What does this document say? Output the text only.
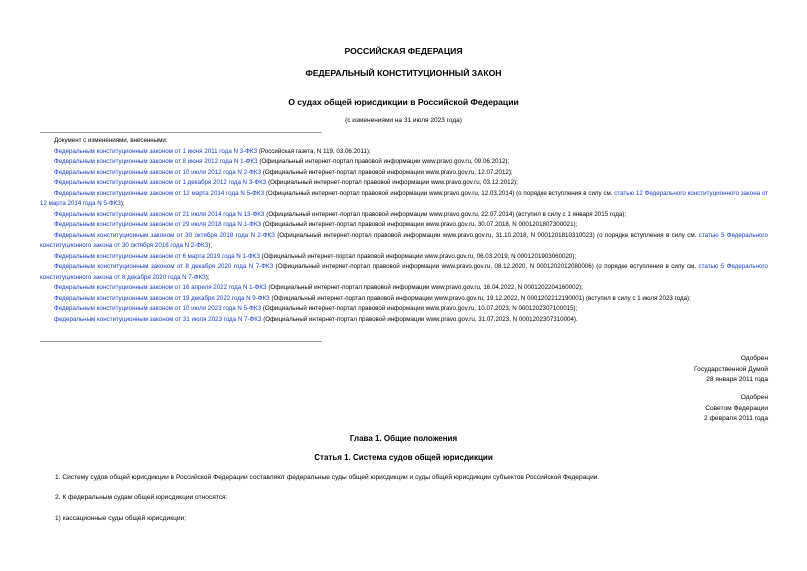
РОССИЙСКАЯ ФЕДЕРАЦИЯ
ФЕДЕРАЛЬНЫЙ КОНСТИТУЦИОННЫЙ ЗАКОН
О судах общей юрисдикции в Российской Федерации
(с изменениями на 31 июля 2023 года)

Документ с изменениями, внесенными:

Федеральным конституционным законом от 1 июня 2011 года N 3-ФКЗ (Российская газета, N 119, 03.06.2011);

Федеральным конституционным законом от 8 июня 2012 года N 1-ФКЗ (Официальный интернет-портал правовой информации www.pravo.gov.ru, 09.06.2012);

Федеральным конституционным законом от 10 июля 2012 года N 2-ФКЗ (Официальный интернет-портал правовой информации www.pravo.gov.ru, 12.07.2012);

Федеральным конституционным законом от 1 декабря 2012 года N 3-ФКЗ (Официальный интернет-портал правовой информации www.pravo.gov.ru, 03.12.2012);

Федеральным конституционным законом от 12 марта 2014 года N 5-ФКЗ (Официальный интернет-портал правовой информации www.pravo.gov.ru, 12.03.2014) (о порядке вступления в силу см. статью 12 Федерального конституционного закона от 12 марта 2014 года N 5-ФКЗ);

Федеральным конституционным законом от 21 июля 2014 года N 13-ФКЗ (Официальный интернет-портал правовой информации www.pravo.gov.ru, 22.07.2014) (вступил в силу с 1 января 2015 года);

Федеральным конституционным законом от 29 июля 2018 года N 1-ФКЗ (Официальный интернет-портал правовой информации www.pravo.gov.ru, 30.07.2018, N 0001201807300021);

Федеральным конституционным законом от 30 октября 2018 года N 2-ФКЗ (Официальный интернет-портал правовой информации www.pravo.gov.ru, 31.10.2018, N 0001201810310023) (о порядке вступления в силу см. статью 5 Федерального конституционного закона от 30 октября 2018 года N 2-ФКЗ);

Федеральным конституционным законом от 6 марта 2019 года N 1-ФКЗ (Официальный интернет-портал правовой информации www.pravo.gov.ru, 06.03.2019, N 0001201903060020);

Федеральным конституционным законом от 8 декабря 2020 года N 7-ФКЗ (Официальный интернет-портал правовой информации www.pravo.gov.ru, 08.12.2020, N 0001202012080006) (о порядке вступления в силу см. статью 5 Федерального конституционного закона от 8 декабря 2020 года N 7-ФКЗ);

Федеральным конституционным законом от 16 апреля 2022 года N 1-ФКЗ (Официальный интернет-портал правовой информации www.pravo.gov.ru, 16.04.2022, N 0001202204160002);

Федеральным конституционным законом от 19 декабря 2022 года N 9-ФКЗ (Официальный интернет-портал правовой информации www.pravo.gov.ru, 19.12.2022, N 0001202212190001) (вступил в силу с 1 июля 2023 года);

Федеральным конституционным законом от 10 июля 2023 года N 5-ФКЗ (Официальный интернет-портал правовой информации www.pravo.gov.ru, 10.07.2023, N 0001202307100015);

федеральным конституционным законом от 31 июля 2023 года N 7-ФКЗ (Официальный интернет-портал правовой информации www.pravo.gov.ru, 31.07.2023, N 0001202307310004).

Одобрен
Государственной Думой
28 января 2011 года
Одобрен
Советом Федерации
2 февраля 2011 года
Глава 1. Общие положения
Статья 1. Система судов общей юрисдикции
1. Систему судов общей юрисдикции в Российской Федерации составляют федеральные суды общей юрисдикции и суды общей юрисдикции субъектов Российской Федерации.
2. К федеральным судам общей юрисдикции относятся:
1) кассационные суды общей юрисдикции;
